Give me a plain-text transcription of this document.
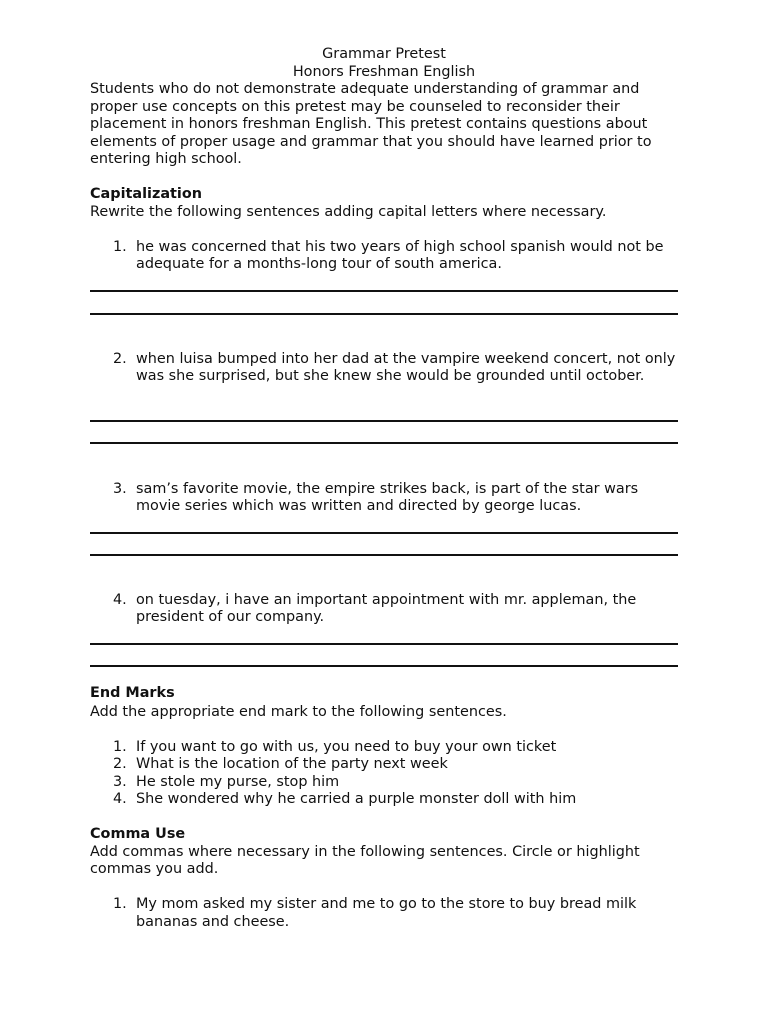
Grammar Pretest
Honors Freshman English
Students who do not demonstrate adequate understanding of grammar and proper use concepts on this pretest may be counseled to reconsider their placement in honors freshman English. This pretest contains questions about elements of proper usage and grammar that you should have learned prior to entering high school.
Capitalization
Rewrite the following sentences adding capital letters where necessary.
1. he was concerned that his two years of high school spanish would not be adequate for a months-long tour of south america.
2. when luisa bumped into her dad at the vampire weekend concert, not only was she surprised, but she knew she would be grounded until october.
3. sam’s favorite movie, the empire strikes back, is part of the star wars movie series which was written and directed by george lucas.
4. on tuesday, i have an important appointment with mr. appleman, the president of our company.
End Marks
Add the appropriate end mark to the following sentences.
1. If you want to go with us, you need to buy your own ticket
2. What is the location of the party next week
3. He stole my purse, stop him
4. She wondered why he carried a purple monster doll with him
Comma Use
Add commas where necessary in the following sentences. Circle or highlight commas you add.
1. My mom asked my sister and me to go to the store to buy bread milk bananas and cheese.
